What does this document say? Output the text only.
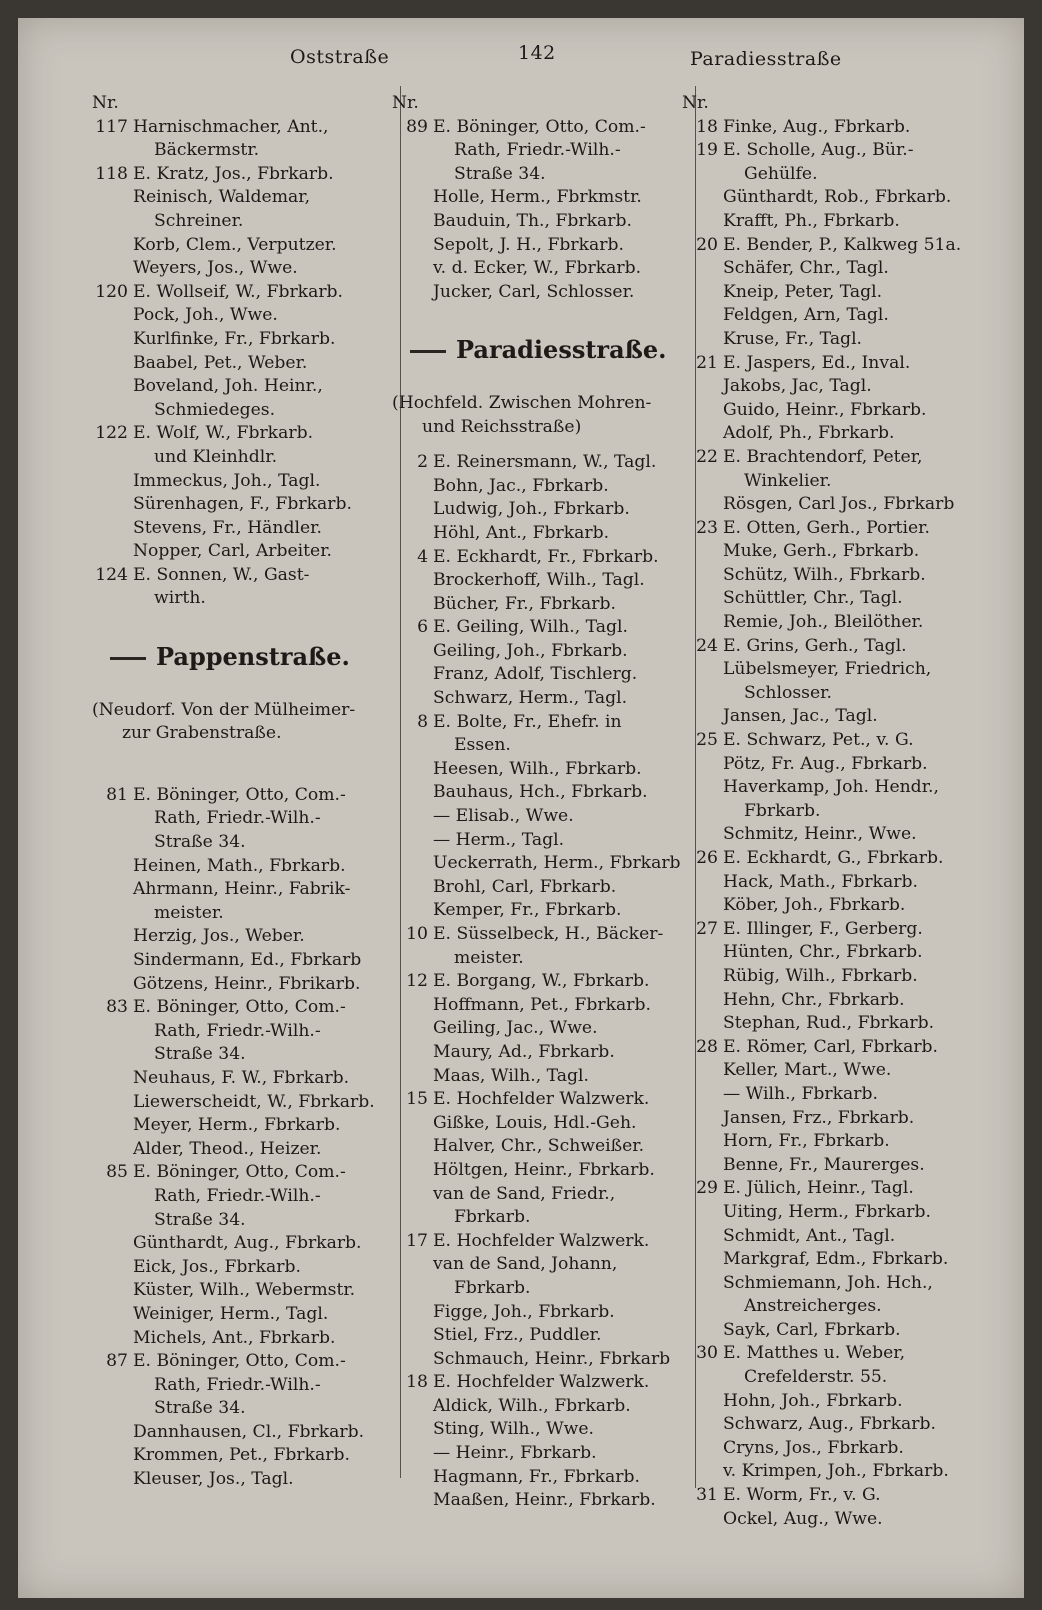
Oststraße	142	Paradiesstraße
Nr.
117 Harnischmacher, Ant.,
Bäckermstr.
118 E. Kratz, Jos., Fbrkarb.
Reinisch, Waldemar,
Schreiner.
Korb, Clem., Verputzer.
Weyers, Jos., Wwe.
120 E. Wollseif, W., Fbrkarb.
Pock, Joh., Wwe.
Kurlfinke, Fr., Fbrkarb.
Baabel, Pet., Weber.
Boveland, Joh. Heinr.,
Schmiedeges.
122 E. Wolf, W., Fbrkarb.
und Kleinhdlr.
Immeckus, Joh., Tagl.
Sürenhagen, F., Fbrkarb.
Stevens, Fr., Händler.
Nopper, Carl, Arbeiter.
124 E. Sonnen, W., Gast-
wirth.
Pappenstraße.
(Neudorf. Von der Mülheimer-
zur Grabenstraße.
81 E. Böninger, Otto, Com.-
Rath, Friedr.-Wilh.-
Straße 34.
Heinen, Math., Fbrkarb.
Ahrmann, Heinr., Fabrik-
meister.
Herzig, Jos., Weber.
Sindermann, Ed., Fbrkarb
Götzens, Heinr., Fbrikarb.
83 E. Böninger, Otto, Com.-
Rath, Friedr.-Wilh.-
Straße 34.
Neuhaus, F. W., Fbrkarb.
Liewerscheidt, W., Fbrkarb.
Meyer, Herm., Fbrkarb.
Alder, Theod., Heizer.
85 E. Böninger, Otto, Com.-
Rath, Friedr.-Wilh.-
Straße 34.
Günthardt, Aug., Fbrkarb.
Eick, Jos., Fbrkarb.
Küster, Wilh., Webermstr.
Weiniger, Herm., Tagl.
Michels, Ant., Fbrkarb.
87 E. Böninger, Otto, Com.-
Rath, Friedr.-Wilh.-
Straße 34.
Dannhausen, Cl., Fbrkarb.
Krommen, Pet., Fbrkarb.
Kleuser, Jos., Tagl.
Nr.
89 E. Böninger, Otto, Com.-
Rath, Friedr.-Wilh.-
Straße 34.
Holle, Herm., Fbrkmstr.
Bauduin, Th., Fbrkarb.
Sepolt, J. H., Fbrkarb.
v. d. Ecker, W., Fbrkarb.
Jucker, Carl, Schlosser.
Paradiesstraße.
(Hochfeld. Zwischen Mohren-
und Reichsstraße)
2 E. Reinersmann, W., Tagl.
Bohn, Jac., Fbrkarb.
Ludwig, Joh., Fbrkarb.
Höhl, Ant., Fbrkarb.
4 E. Eckhardt, Fr., Fbrkarb.
Brockerhoff, Wilh., Tagl.
Bücher, Fr., Fbrkarb.
6 E. Geiling, Wilh., Tagl.
Geiling, Joh., Fbrkarb.
Franz, Adolf, Tischlerg.
Schwarz, Herm., Tagl.
8 E. Bolte, Fr., Ehefr. in
Essen.
Heesen, Wilh., Fbrkarb.
Bauhaus, Hch., Fbrkarb.
— Elisab., Wwe.
— Herm., Tagl.
Ueckerrath, Herm., Fbrkarb
Brohl, Carl, Fbrkarb.
Kemper, Fr., Fbrkarb.
10 E. Süsselbeck, H., Bäcker-
meister.
12 E. Borgang, W., Fbrkarb.
Hoffmann, Pet., Fbrkarb.
Geiling, Jac., Wwe.
Maury, Ad., Fbrkarb.
Maas, Wilh., Tagl.
15 E. Hochfelder Walzwerk.
Gißke, Louis, Hdl.-Geh.
Halver, Chr., Schweißer.
Höltgen, Heinr., Fbrkarb.
van de Sand, Friedr.,
Fbrkarb.
17 E. Hochfelder Walzwerk.
van de Sand, Johann,
Fbrkarb.
Figge, Joh., Fbrkarb.
Stiel, Frz., Puddler.
Schmauch, Heinr., Fbrkarb
18 E. Hochfelder Walzwerk.
Aldick, Wilh., Fbrkarb.
Sting, Wilh., Wwe.
— Heinr., Fbrkarb.
Hagmann, Fr., Fbrkarb.
Maaßen, Heinr., Fbrkarb.
Nr.
18 Finke, Aug., Fbrkarb.
19 E. Scholle, Aug., Bür.-
Gehülfe.
Günthardt, Rob., Fbrkarb.
Krafft, Ph., Fbrkarb.
20 E. Bender, P., Kalkweg 51a.
Schäfer, Chr., Tagl.
Kneip, Peter, Tagl.
Feldgen, Arn, Tagl.
Kruse, Fr., Tagl.
21 E. Jaspers, Ed., Inval.
Jakobs, Jac, Tagl.
Guido, Heinr., Fbrkarb.
Adolf, Ph., Fbrkarb.
22 E. Brachtendorf, Peter,
Winkelier.
Rösgen, Carl Jos., Fbrkarb
23 E. Otten, Gerh., Portier.
Muke, Gerh., Fbrkarb.
Schütz, Wilh., Fbrkarb.
Schüttler, Chr., Tagl.
Remie, Joh., Bleilöther.
24 E. Grins, Gerh., Tagl.
Lübelsmeyer, Friedrich,
Schlosser.
Jansen, Jac., Tagl.
25 E. Schwarz, Pet., v. G.
Pötz, Fr. Aug., Fbrkarb.
Haverkamp, Joh. Hendr.,
Fbrkarb.
Schmitz, Heinr., Wwe.
26 E. Eckhardt, G., Fbrkarb.
Hack, Math., Fbrkarb.
Köber, Joh., Fbrkarb.
27 E. Illinger, F., Gerberg.
Hünten, Chr., Fbrkarb.
Rübig, Wilh., Fbrkarb.
Hehn, Chr., Fbrkarb.
Stephan, Rud., Fbrkarb.
28 E. Römer, Carl, Fbrkarb.
Keller, Mart., Wwe.
— Wilh., Fbrkarb.
Jansen, Frz., Fbrkarb.
Horn, Fr., Fbrkarb.
Benne, Fr., Maurerges.
29 E. Jülich, Heinr., Tagl.
Uiting, Herm., Fbrkarb.
Schmidt, Ant., Tagl.
Markgraf, Edm., Fbrkarb.
Schmiemann, Joh. Hch.,
Anstreicherges.
Sayk, Carl, Fbrkarb.
30 E. Matthes u. Weber,
Crefelderstr. 55.
Hohn, Joh., Fbrkarb.
Schwarz, Aug., Fbrkarb.
Cryns, Jos., Fbrkarb.
v. Krimpen, Joh., Fbrkarb.
31 E. Worm, Fr., v. G.
Ockel, Aug., Wwe.
